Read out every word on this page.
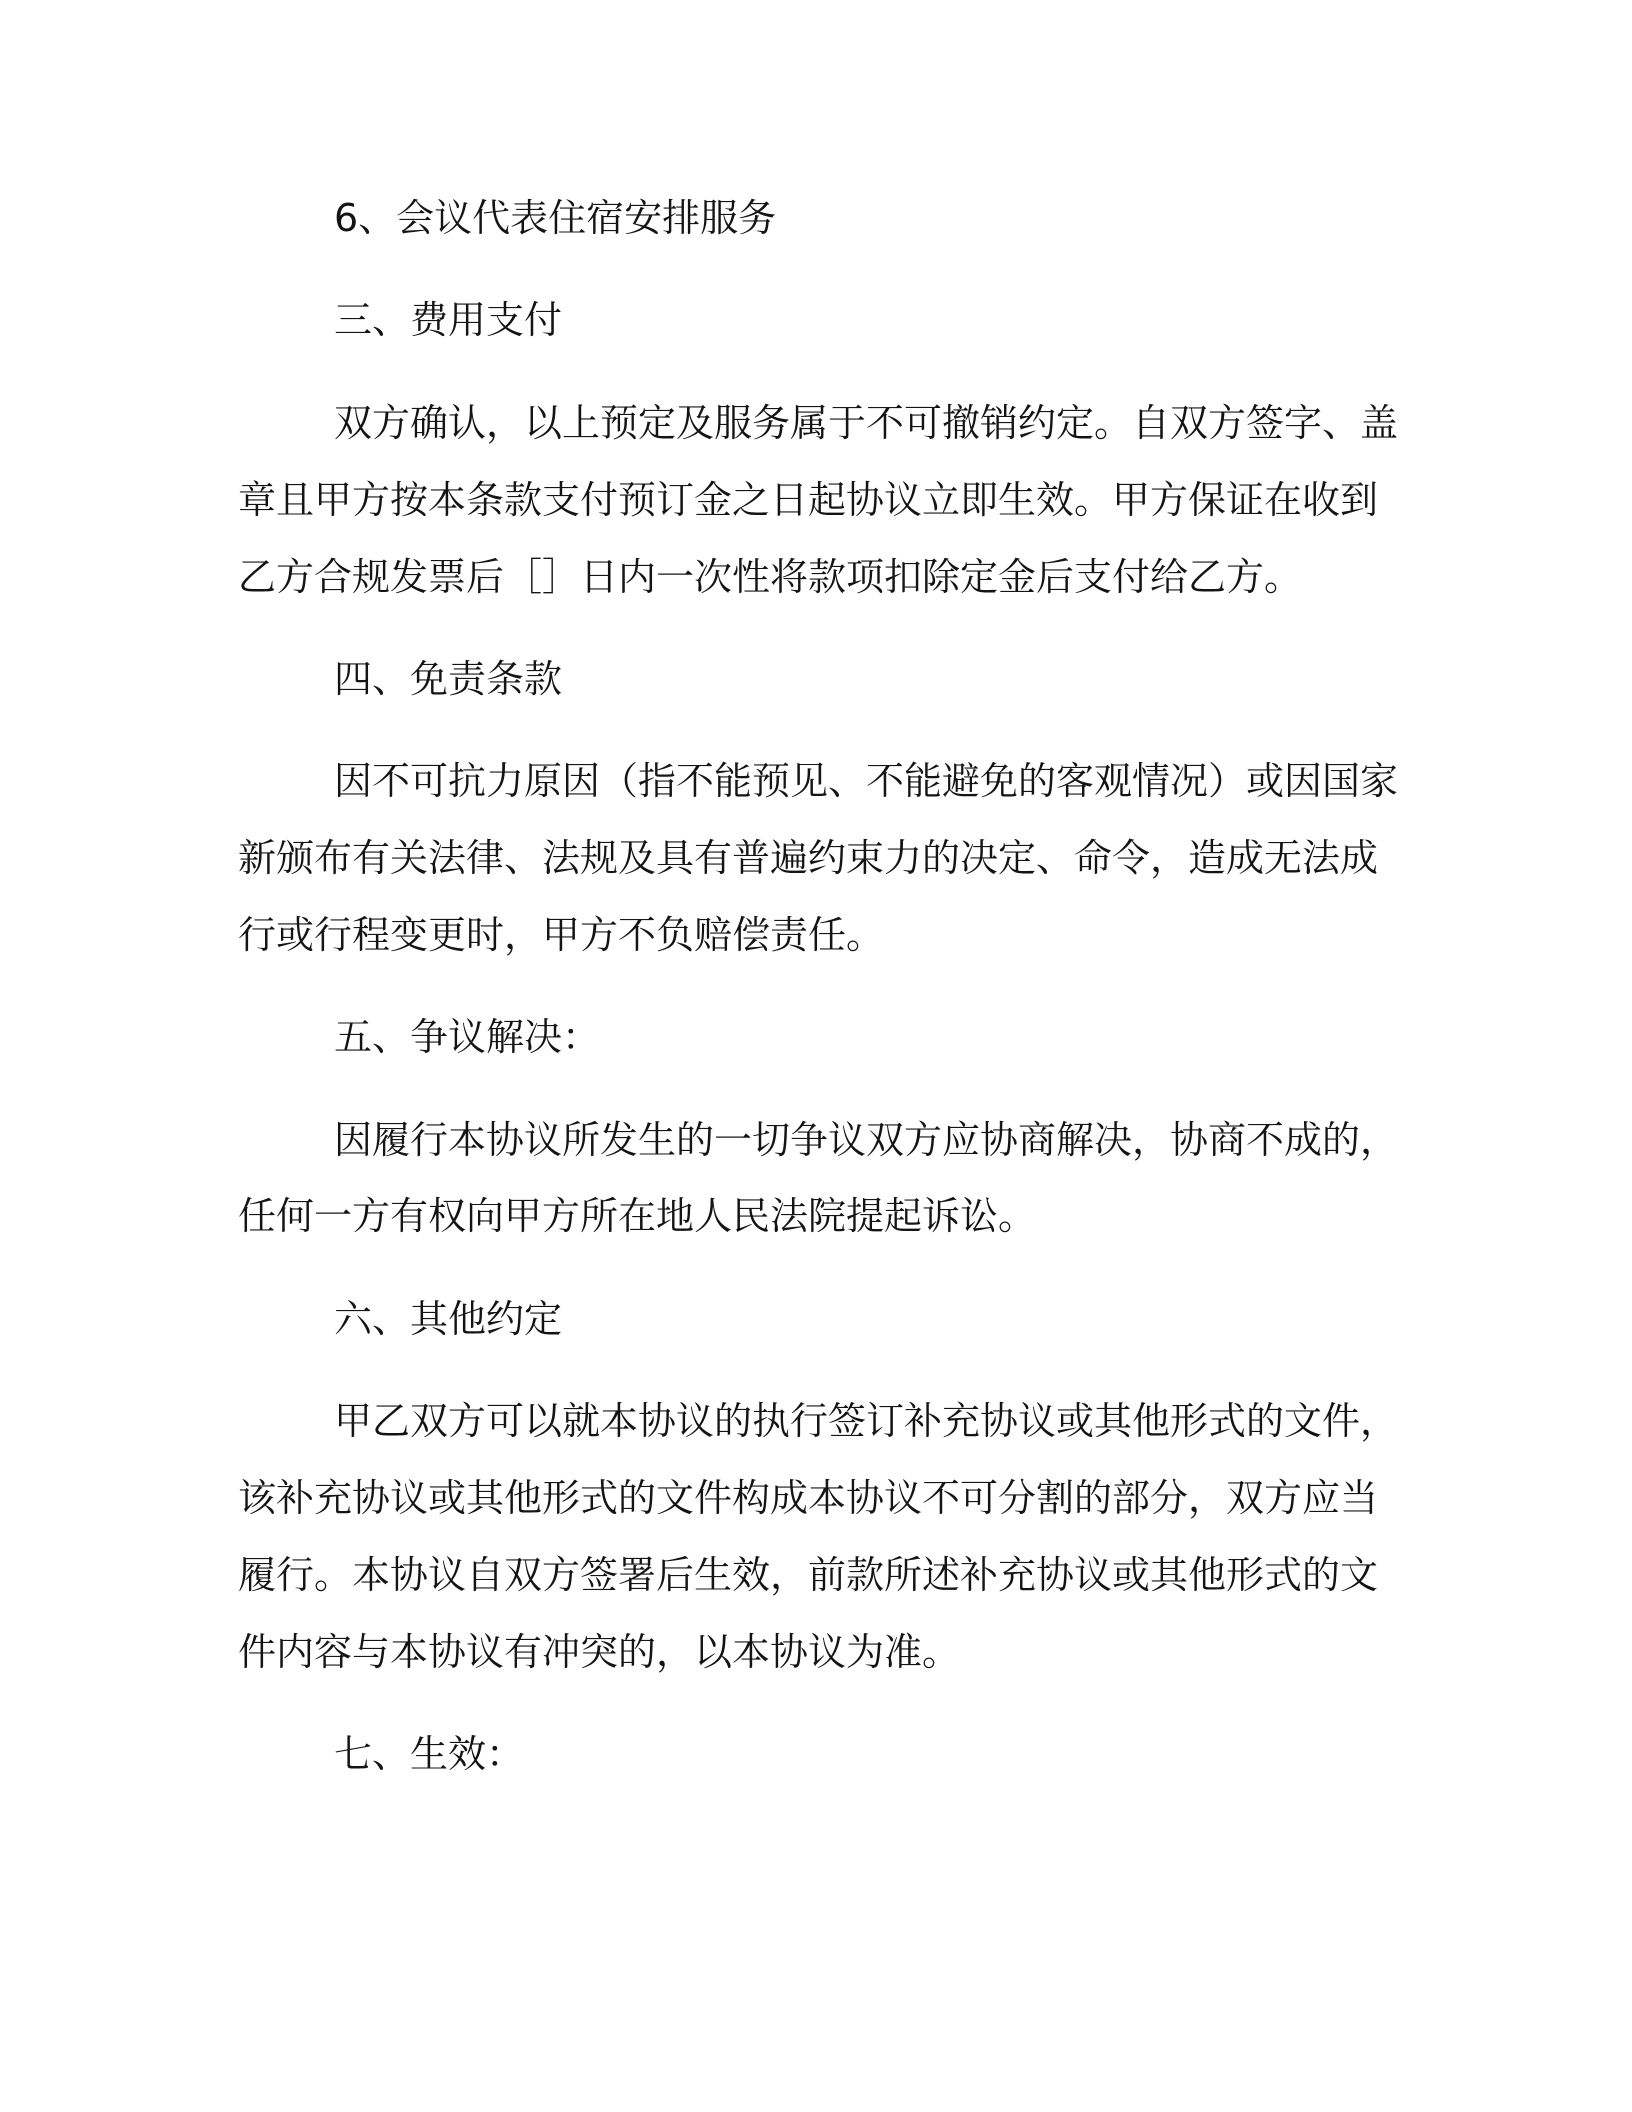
6、会议代表住宿安排服务
三、费用支付
双方确认，以上预定及服务属于不可撤销约定。自双方签字、盖
章且甲方按本条款支付预订金之日起协议立即生效。甲方保证在收到
乙方合规发票后［］日内一次性将款项扣除定金后支付给乙方。
四、免责条款
因不可抗力原因（指不能预见、不能避免的客观情况）或因国家
新颁布有关法律、法规及具有普遍约束力的决定、命令，造成无法成
行或行程变更时，甲方不负赔偿责任。
五、争议解决：
因履行本协议所发生的一切争议双方应协商解决，协商不成的，
任何一方有权向甲方所在地人民法院提起诉讼。
六、其他约定
甲乙双方可以就本协议的执行签订补充协议或其他形式的文件，
该补充协议或其他形式的文件构成本协议不可分割的部分，双方应当
履行。本协议自双方签署后生效，前款所述补充协议或其他形式的文
件内容与本协议有冲突的，以本协议为准。
七、生效：
